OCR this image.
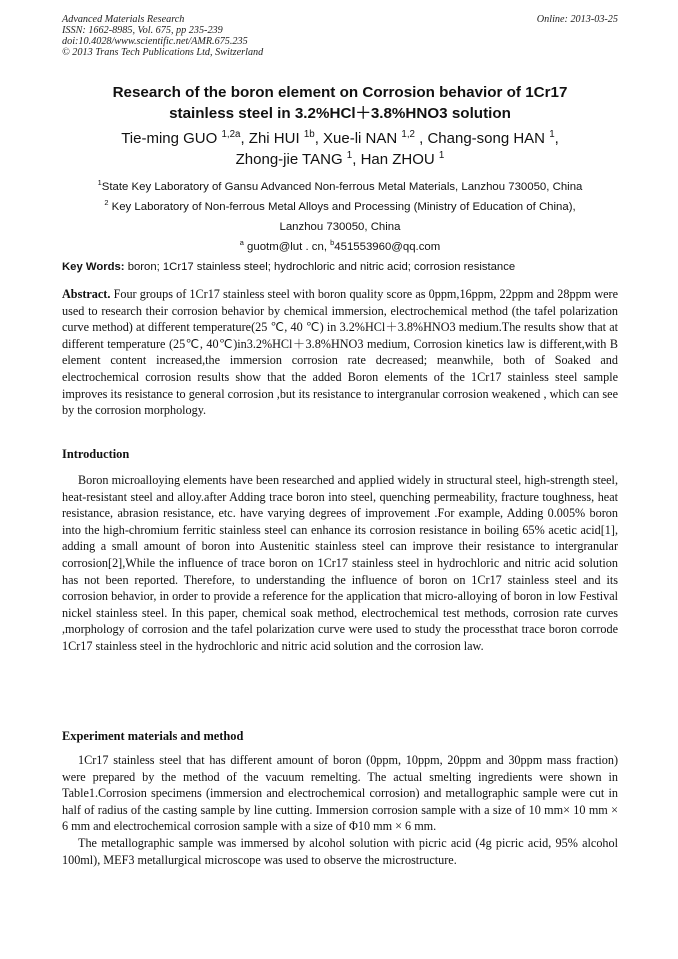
Advanced Materials Research
ISSN: 1662-8985, Vol. 675, pp 235-239
doi:10.4028/www.scientific.net/AMR.675.235
© 2013 Trans Tech Publications Ltd, Switzerland
Online: 2013-03-25
Research of the boron element on Corrosion behavior of 1Cr17
stainless steel in 3.2%HCl＋3.8%HNO3 solution
Tie-ming GUO $^{1,2a}$, Zhi HUI $^{1b}$, Xue-li NAN $^{1,2}$ , Chang-song HAN $^1$,
Zhong-jie TANG $^1$, Han ZHOU $^1$
$^1$State Key Laboratory of Gansu Advanced Non-ferrous Metal Materials, Lanzhou 730050, China
$^2$ Key Laboratory of Non-ferrous Metal Alloys and Processing (Ministry of Education of China),
Lanzhou 730050, China
$^a$ guotm@lut . cn, $^b$451553960@qq.com
Key Words: boron; 1Cr17 stainless steel; hydrochloric and nitric acid; corrosion resistance
Abstract. Four groups of 1Cr17 stainless steel with boron quality score as 0ppm,16ppm, 22ppm and 28ppm were used to research their corrosion behavior by chemical immersion, electrochemical method (the tafel polarization curve method) at different temperature(25 ℃, 40 ℃) in 3.2%HCl＋3.8%HNO3 medium.The results show that at different temperature (25℃, 40℃)in3.2%HCl＋3.8%HNO3 medium, Corrosion kinetics law is different,with B element content increased,the immersion corrosion rate decreased; meanwhile, both of Soaked and electrochemical corrosion results show that the added Boron elements of the 1Cr17 stainless steel sample improves its resistance to general corrosion ,but its resistance to intergranular corrosion weakened , which can see by the corrosion morphology.
Introduction

Boron microalloying elements have been researched and applied widely in structural steel, high-strength steel, heat-resistant steel and alloy.after Adding trace boron into steel, quenching permeability, fracture toughness, heat resistance, abrasion resistance, etc. have varying degrees of improvement .For example, Adding 0.005% boron into the high-chromium ferritic stainless steel can enhance its corrosion resistance in boiling 65% acetic acid[1], adding a small amount of boron into Austenitic stainless steel can improve their resistance to intergranular corrosion[2],While the influence of trace boron on 1Cr17 stainless steel in hydrochloric and nitric acid solution has not been reported. Therefore, to understanding the influence of boron on 1Cr17 stainless steel and its corrosion behavior, in order to provide a reference for the application that micro-alloying of boron in low Festival nickel stainless steel. In this paper, chemical soak method, electrochemical test methods, corrosion rate curves ,morphology of corrosion and the tafel polarization curve were used to study the processthat trace boron corrode 1Cr17 stainless steel in the hydrochloric and nitric acid solution and the corrosion law.

Experiment materials and method

1Cr17 stainless steel that has different amount of boron (0ppm, 10ppm, 20ppm and 30ppm mass fraction) were prepared by the method of the vacuum remelting. The actual smelting ingredients were shown in Table1.Corrosion specimens (immersion and electrochemical corrosion) and metallographic sample were cut in half of radius of the casting sample by line cutting. Immersion corrosion sample with a size of 10 mm× 10 mm × 6 mm and electrochemical corrosion sample with a size of Φ10 mm × 6 mm.

The metallographic sample was immersed by alcohol solution with picric acid (4g picric acid, 95% alcohol 100ml), MEF3 metallurgical microscope was used to observe the microstructure.
